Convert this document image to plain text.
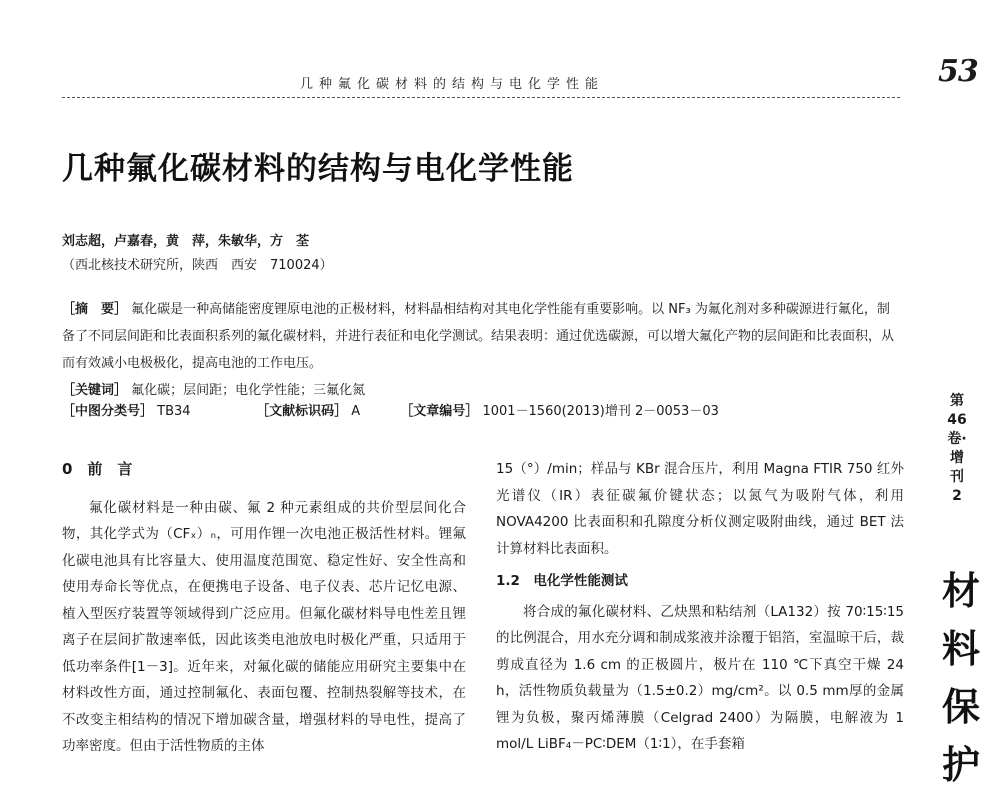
几种氟化碳材料的结构与电化学性能	53
几种氟化碳材料的结构与电化学性能
刘志超，卢嘉春，黄　萍，朱敏华，方　荃
（西北核技术研究所，陕西　西安　710024）

［摘　要］ 氟化碳是一种高储能密度锂原电池的正极材料，材料晶相结构对其电化学性能有重要影响。以 NF₃ 为氟化剂对多种碳源进行氟化，制备了不同层间距和比表面积系列的氟化碳材料，并进行表征和电化学测试。结果表明：通过优选碳源，可以增大氟化产物的层间距和比表面积，从而有效减小电极极化，提高电池的工作电压。

［关键词］ 氟化碳；层间距；电化学性能；三氟化氮

［中图分类号］ TB34	［文献标识码］ A	［文章编号］ 1001－1560(2013)增刊 2－0053－03

0　前　言

氟化碳材料是一种由碳、氟 2 种元素组成的共价型层间化合物，其化学式为（CFₓ）ₙ，可用作锂一次电池正极活性材料。锂氟化碳电池具有比容量大、使用温度范围宽、稳定性好、安全性高和使用寿命长等优点，在便携电子设备、电子仪表、芯片记忆电源、植入型医疗装置等领域得到广泛应用。但氟化碳材料导电性差且锂离子在层间扩散速率低，因此该类电池放电时极化严重，只适用于低功率条件[1－3]。近年来，对氟化碳的储能应用研究主要集中在材料改性方面，通过控制氟化、表面包覆、控制热裂解等技术，在不改变主相结构的情况下增加碳含量，增强材料的导电性，提高了功率密度。但由于活性物质的主体

15（°）/min；样品与 KBr 混合压片，利用 Magna FTIR 750 红外光谱仪（IR）表征碳氟价键状态；以氮气为吸附气体，利用 NOVA4200 比表面积和孔隙度分析仪测定吸附曲线，通过 BET 法计算材料比表面积。

1.2　电化学性能测试

将合成的氟化碳材料、乙炔黑和粘结剂（LA132）按 70∶15∶15的比例混合，用水充分调和制成浆液并涂覆于铝箔，室温晾干后，裁剪成直径为 1.6 cm 的正极圆片，极片在 110 ℃下真空干燥 24 h，活性物质负载量为（1.5±0.2）mg/cm²。以 0.5 mm厚的金属锂为负极，聚丙烯薄膜（Celgrad 2400）为隔膜，电解液为 1 mol/L LiBF₄－PC∶DEM（1∶1），在手套箱

第46卷·增刊2
材料保护
